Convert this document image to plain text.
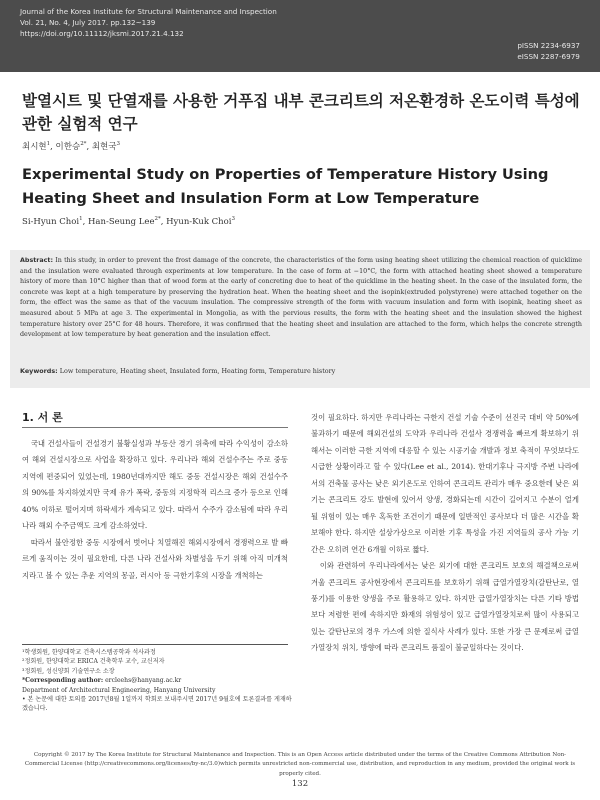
Journal of the Korea Institute for Structural Maintenance and Inspection
Vol. 21, No. 4, July 2017. pp.132~139
https://doi.org/10.11112/jksmi.2017.21.4.132
pISSN 2234-6937
eISSN 2287-6979
발열시트 및 단열재를 사용한 거푸집 내부 콘크리트의 저온환경하 온도이력 특성에 관한 실험적 연구
최시현$^1$, 이한승$^{2*}$, 최현국$^3$
Experimental Study on Properties of Temperature History Using Heating Sheet and Insulation Form at Low Temperature
Si-Hyun Choi$^1$, Han-Seung Lee$^{2*}$, Hyun-Kuk Choi$^3$
Abstract: In this study, in order to prevent the frost damage of the concrete, the characteristics of the form using heating sheet utilizing the chemical reaction of quicklime and the insulation were evaluated through experiments at low temperature. In the case of form at −10°C, the form with attached heating sheet showed a temperature history of more than 10°C higher than that of wood form at the early of concreting due to heat of the quicklime in the heating sheet. In the case of the insulated form, the concrete was kept at a high temperature by preserving the hydration heat. When the heating sheet and the isopink(extruded polystyrene) were attached together on the form, the effect was the same as that of the vacuum insulation. The compressive strength of the form with vacuum insulation and form with isopink, heating sheet as measured about 5 MPa at age 3. The experimental in Mongolia, as with the pervious results, the form with the heating sheet and the insulation showed the highest temperature history over 25°C for 48 hours. Therefore, it was confirmed that the heating sheet and insulation are attached to the form, which helps the concrete strength development at low temperature by heat generation and the insulation effect.
Keywords: Low temperature, Heating sheet, Insulated form, Heating form, Temperature history
1. 서 론

국내 건설사들이 건설경기 불황실성과 부동산 경기 위축에 따라 수익성이 감소하여 해외 건설시장으로 사업을 확장하고 있다. 우리나라 해외 건설수주는 주로 중동지역에 편중되어 있었는데, 1980년대까지만 해도 중동 건설시장은 해외 건설수주의 90%를 차지하였지만 국제 유가 폭락, 중동의 지정학적 리스크 증가 등으로 인해 40% 이하로 떨어지며 하락세가 계속되고 있다. 따라서 수주가 감소됨에 따라 우리나라 해외 수주금액도 크게 감소하였다.

따라서 불안정한 중동 시장에서 벗어나 치열해진 해외시장에서 경쟁력으로 발 빠르게 움직이는 것이 필요한데, 다른 나라 건설사와 차별성을 두기 위해 아직 미개척지라고 볼 수 있는 추운 지역의 몽골, 러시아 등 극한기후의 시장을 개척하는

¹학생회원, 한양대학교 건축시스템공학과 석사과정
²정회원, 한양대학교 ERICA 건축학부 교수, 교신저자
³정회원, 성신양회 기술연구소 소장
*Corresponding author: ercleehs@hanyang.ac.kr
Department of Architectural Engineering, Hanyang University
• 본 논문에 대한 토의를 2017년8월 1일까지 학회로 보내주시면 2017년 9월호에 토론결과를 게재하겠습니다.

것이 필요하다. 하지만 우리나라는 극한지 건설 기술 수준이 선진국 대비 약 50%에 불과하기 때문에 해외건설의 도약과 우리나라 건설사 경쟁력을 빠르게 확보하기 위해서는 이러한 극한 지역에 대응할 수 있는 시공기술 개발과 정보 축적이 무엇보다도 시급한 상황이라고 할 수 있다(Lee et al., 2014). 한대기후나 극지방 주변 나라에서의 건축물 공사는 낮은 외기온도로 인하여 콘크리트 관리가 매우 중요한데 낮은 외기는 콘크리트 강도 발현에 있어서 양생, 경화되는데 시간이 길어지고 수분이 얼게 될 위험이 있는 매우 혹독한 조건이기 때문에 일반적인 공사보다 더 많은 시간을 확보해야 한다. 하지만 설상가상으로 이러한 기후 특성을 가진 지역들의 공사 가능 기간은 오히려 연간 6개월 이하로 짧다.

이와 관련하여 우리나라에서는 낮은 외기에 대한 콘크리트 보호의 해결책으로써 겨울 콘크리트 공사현장에서 콘크리트를 보호하기 위해 급열가열장치(갈탄난로, 열풍기)를 이용한 양생을 주로 활용하고 있다. 하지만 급열가열장치는 다른 기타 방법보다 저렴한 편에 속하지만 화재의 위험성이 있고 급열가열장치로써 많이 사용되고 있는 갈탄난로의 경우 가스에 의한 질식사 사례가 있다. 또한 가장 큰 문제로써 급열가열장치 위치, 방향에 따라 콘크리트 품질이 불균일하다는 것이다.

Copyright © 2017 by The Korea Institute for Structural Maintenance and Inspection. This is an Open Access article distributed under the terms of the Creative Commons Attribution Non-Commercial License (http://creativecommons.org/licenses/by-nc/3.0)which permits unrestricted non-commercial use, distribution, and reproduction in any medium, provided the original work is properly cited.
132
